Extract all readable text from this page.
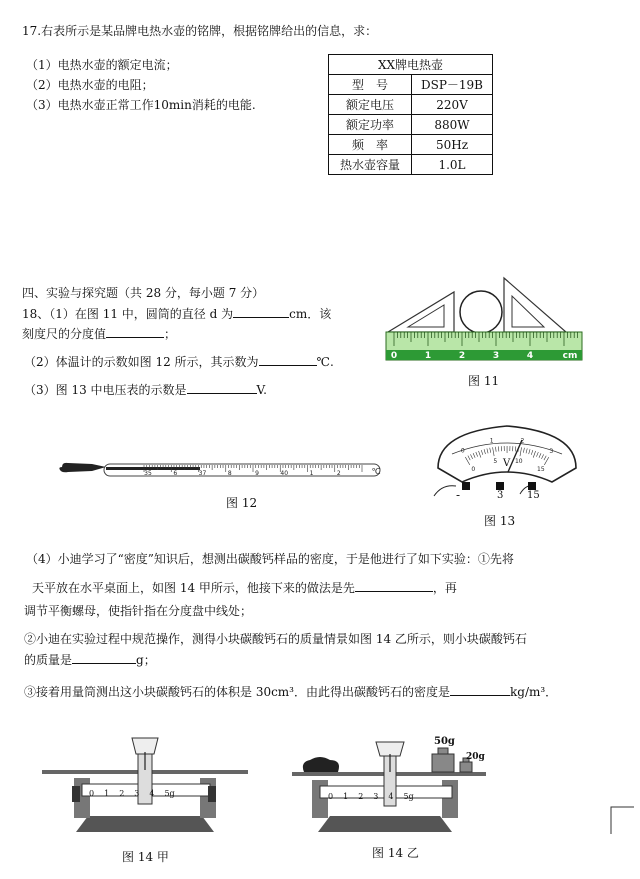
17.右表所示是某品牌电热水壶的铭牌，根据铭牌给出的信息，求：
（1）电热水壶的额定电流；
（2）电热水壶的电阻；
（3）电热水壶正常工作10min消耗的电能.
XX牌电热壶	
型　号	DSP－19B
额定电压	220V
额定功率	880W
频　率	50Hz
热水壶容量	1.0L
四、实验与探究题（共 28 分，每小题 7 分）
18、（1）在图 11 中，圆筒的直径 d 为	cm．该
刻度尺的分度值	；
（2）体温计的示数如图 12 所示，其示数为	℃.
（3）图 13 中电压表的示数是	V.
（4）小迪学习了“密度”知识后，想测出碳酸钙样品的密度，于是他进行了如下实验：①先将
天平放在水平桌面上，如图 14 甲所示，他接下来的做法是先	，再
调节平衡螺母，使指针指在分度盘中线处；
②小迪在实验过程中规范操作，测得小块碳酸钙石的质量情景如图 14 乙所示，则小块碳酸钙石
的质量是	g；
③接着用量筒测出这小块碳酸钙石的体积是 30cm³．由此得出碳酸钙石的密度是	kg/m³．
0	1	2	3	4	cm
图 11
35	6	37	8	9	40	1	2	℃
图 12
0
1	2
3
0
5	10
15
V
-	3 15
图 13
012345g
图 14 甲
50g
20g
012345g
图 14 乙
